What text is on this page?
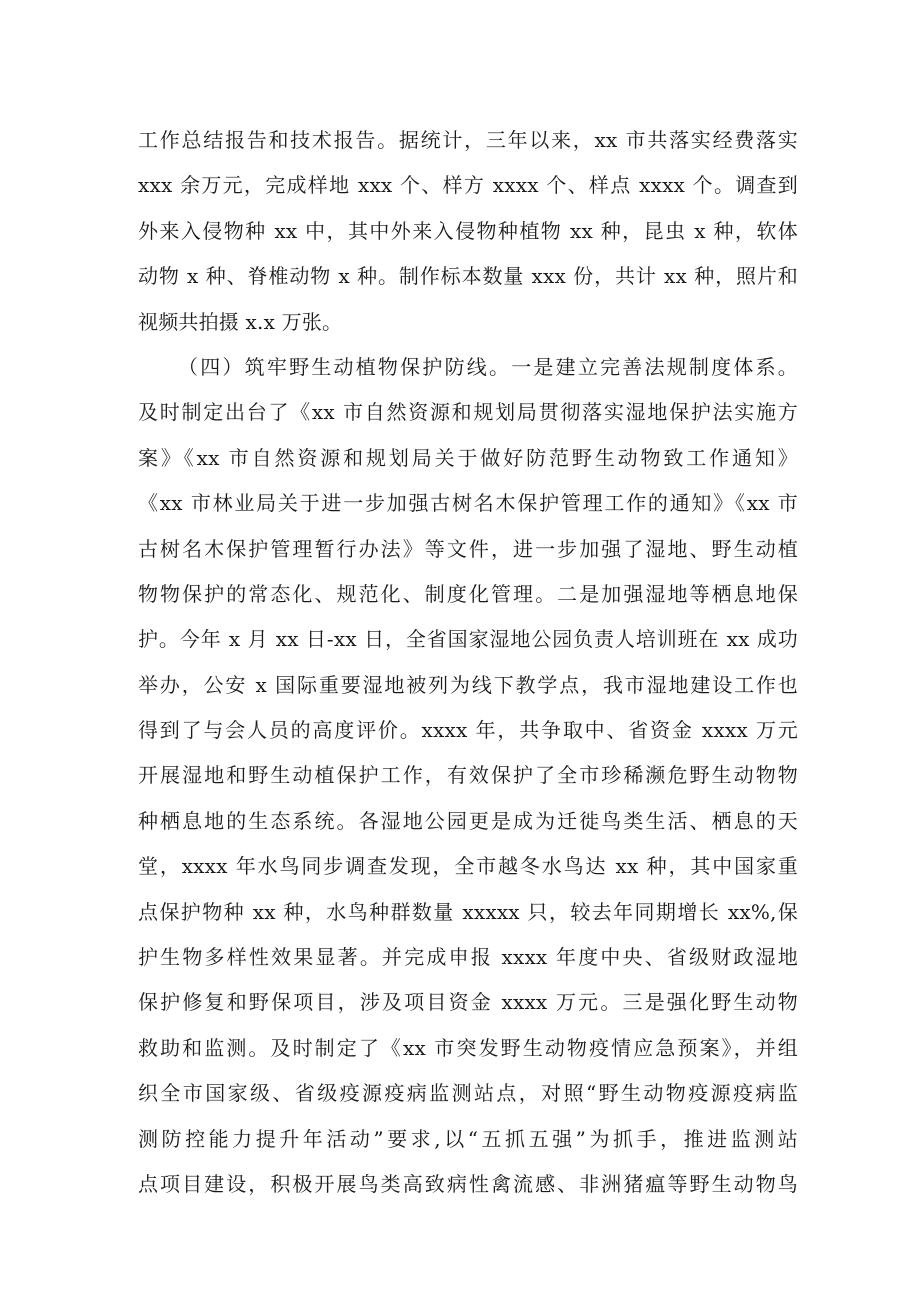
工作总结报告和技术报告。据统计，三年以来，xx 市共落实经费落实
xxx 余万元，完成样地 xxx 个、样方 xxxx 个、样点 xxxx 个。调查到
外来入侵物种 xx 中，其中外来入侵物种植物 xx 种，昆虫 x 种，软体
动物 x 种、脊椎动物 x 种。制作标本数量 xxx 份，共计 xx 种，照片和
视频共拍摄 x.x 万张。
（四）筑牢野生动植物保护防线。一是建立完善法规制度体系。
及时制定出台了《xx 市自然资源和规划局贯彻落实湿地保护法实施方
案》《xx 市自然资源和规划局关于做好防范野生动物致工作通知》
《xx 市林业局关于进一步加强古树名木保护管理工作的通知》《xx 市
古树名木保护管理暂行办法》等文件，进一步加强了湿地、野生动植
物物保护的常态化、规范化、制度化管理。二是加强湿地等栖息地保
护。今年 x 月 xx 日-xx 日，全省国家湿地公园负责人培训班在 xx 成功
举办，公安 x 国际重要湿地被列为线下教学点，我市湿地建设工作也
得到了与会人员的高度评价。xxxx 年，共争取中、省资金 xxxx 万元
开展湿地和野生动植保护工作，有效保护了全市珍稀濒危野生动物物
种栖息地的生态系统。各湿地公园更是成为迁徙鸟类生活、栖息的天
堂，xxxx 年水鸟同步调查发现，全市越冬水鸟达 xx 种，其中国家重
点保护物种 xx 种，水鸟种群数量 xxxxx 只，较去年同期增长 xx%,保
护生物多样性效果显著。并完成申报 xxxx 年度中央、省级财政湿地
保护修复和野保项目，涉及项目资金 xxxx 万元。三是强化野生动物
救助和监测。及时制定了《xx 市突发野生动物疫情应急预案》，并组
织全市国家级、省级疫源疫病监测站点，对照“野生动物疫源疫病监
测防控能力提升年活动”要求,以“五抓五强”为抓手，推进监测站
点项目建设，积极开展鸟类高致病性禽流感、非洲猪瘟等野生动物鸟
